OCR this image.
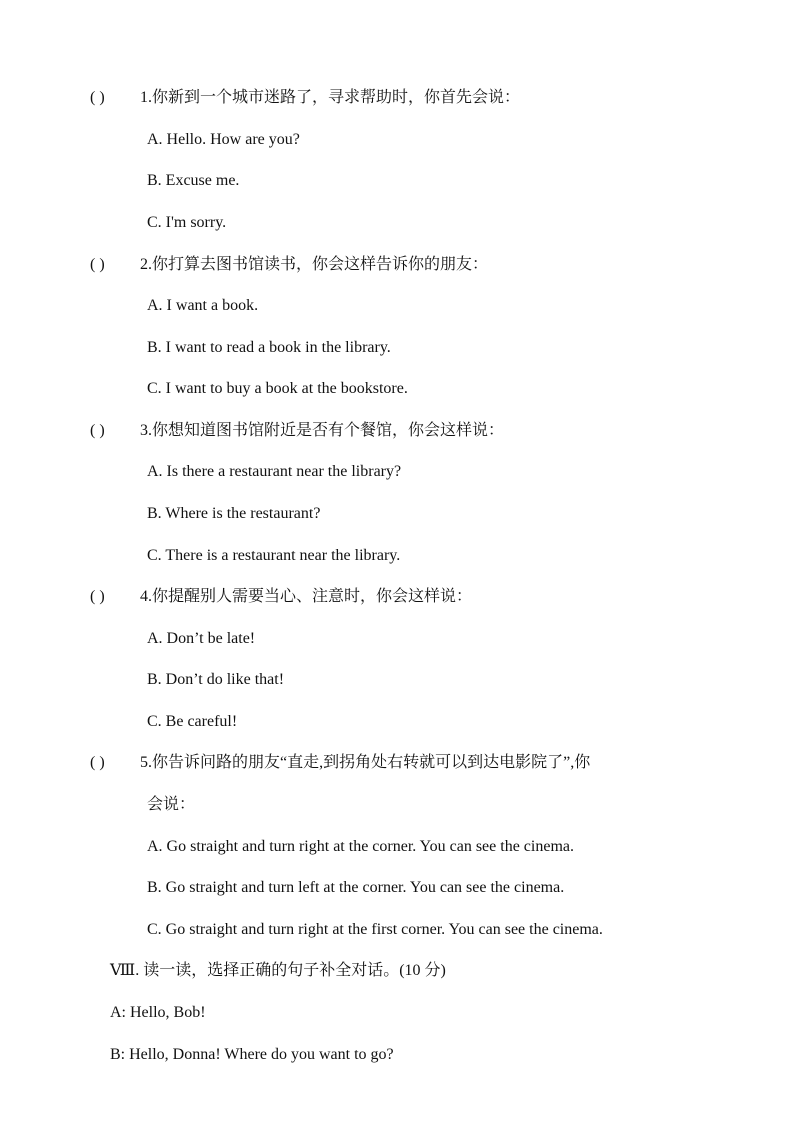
( ) 1.你新到一个城市迷路了，寻求帮助时，你首先会说：
A. Hello. How are you?
B. Excuse me.
C. I'm sorry.
( ) 2.你打算去图书馆读书，你会这样告诉你的朋友：
A. I want a book.
B. I want to read a book in the library.
C. I want to buy a book at the bookstore.
( ) 3.你想知道图书馆附近是否有个餐馆，你会这样说：
A. Is there a restaurant near the library?
B. Where is the restaurant?
C. There is a restaurant near the library.
( ) 4.你提醒别人需要当心、注意时，你会这样说：
A. Don’t be late!
B. Don’t do like that!
C. Be careful!
( ) 5.你告诉问路的朋友“直走,到拐角处右转就可以到达电影院了”,你
会说：
A. Go straight and turn right at the corner. You can see the cinema.
B. Go straight and turn left at the corner. You can see the cinema.
C. Go straight and turn right at the first corner. You can see the cinema.
Ⅷ. 读一读，选择正确的句子补全对话。(10 分)
A: Hello, Bob!
B: Hello, Donna! Where do you want to go?
